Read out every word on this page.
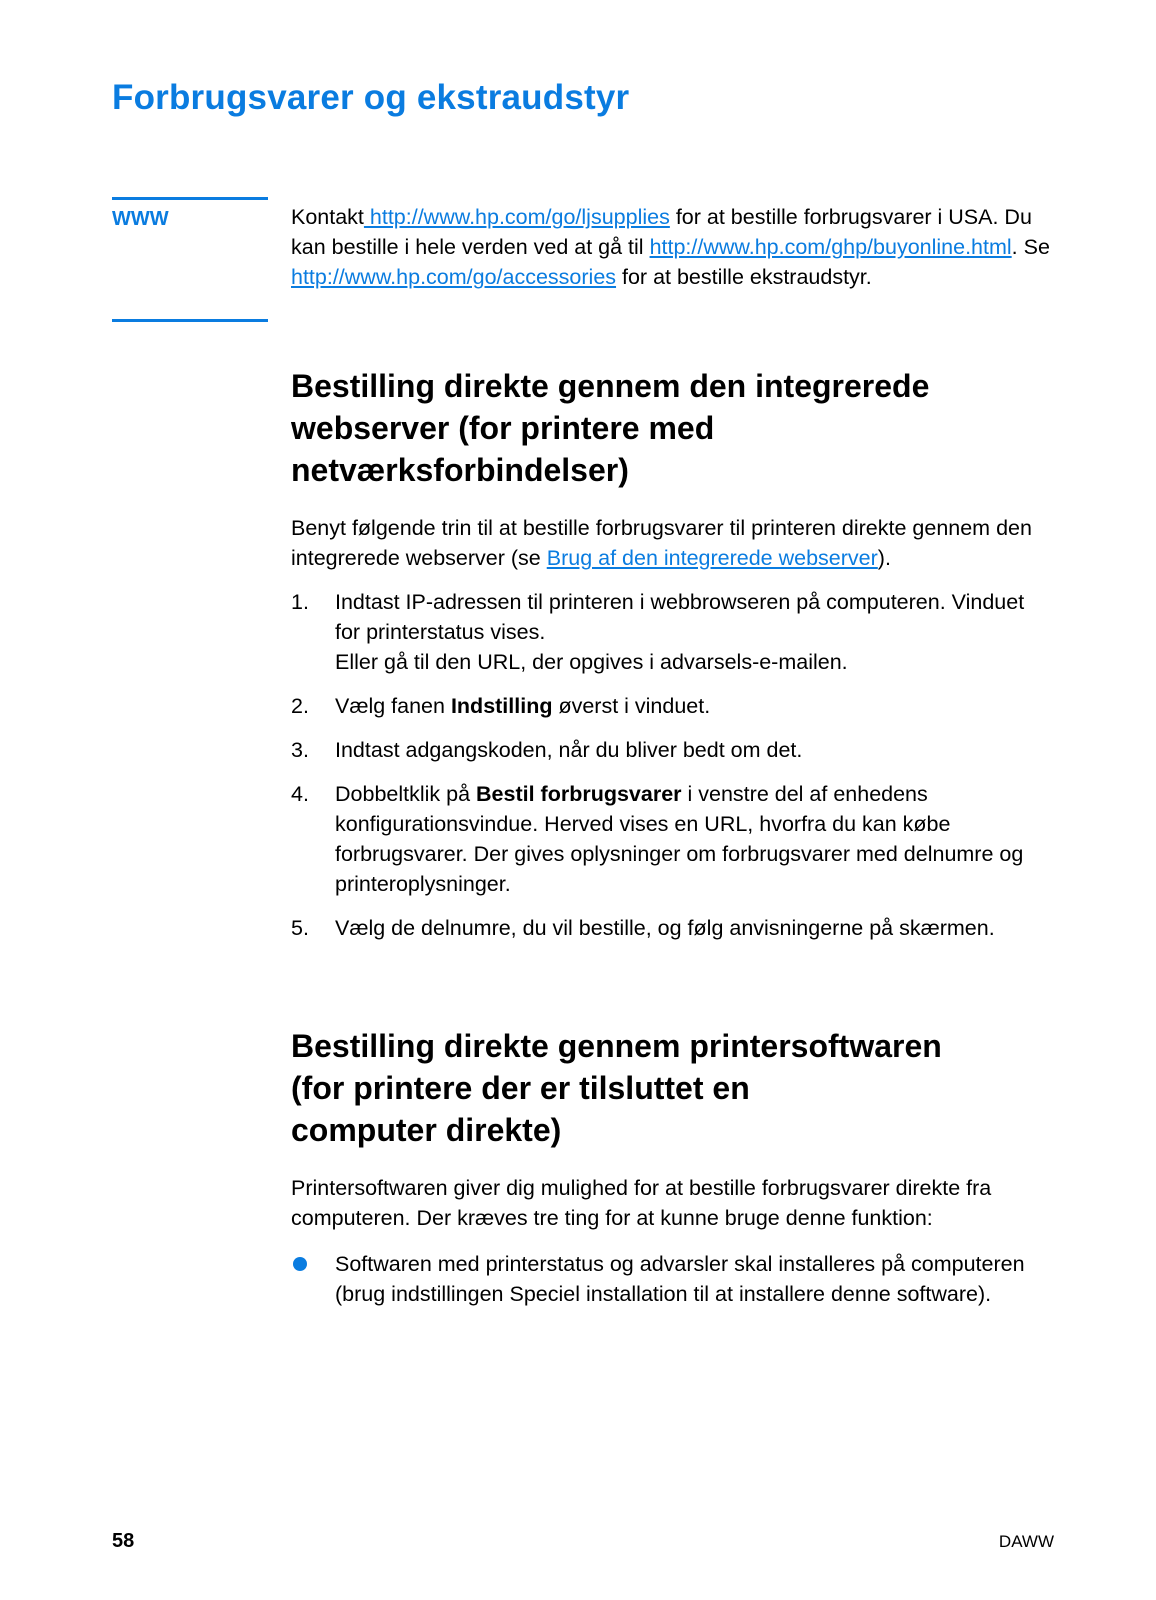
Forbrugsvarer og ekstraudstyr
WWW	Kontakt http://www.hp.com/go/ljsupplies for at bestille forbrugsvarer i USA. Du kan bestille i hele verden ved at gå til http://www.hp.com/ghp/buyonline.html. Se http://www.hp.com/go/accessories for at bestille ekstraudstyr.

Bestilling direkte gennem den integrerede webserver (for printere med netværksforbindelser)

Benyt følgende trin til at bestille forbrugsvarer til printeren direkte gennem den integrerede webserver (se Brug af den integrerede webserver).

1. Indtast IP-adressen til printeren i webbrowseren på computeren. Vinduet for printerstatus vises.
Eller gå til den URL, der opgives i advarsels-e-mailen.
2. Vælg fanen Indstilling øverst i vinduet.
3. Indtast adgangskoden, når du bliver bedt om det.
4. Dobbeltklik på Bestil forbrugsvarer i venstre del af enhedens konfigurationsvindue. Herved vises en URL, hvorfra du kan købe forbrugsvarer. Der gives oplysninger om forbrugsvarer med delnumre og printeroplysninger.
5. Vælg de delnumre, du vil bestille, og følg anvisningerne på skærmen.
Bestilling direkte gennem printersoftwaren
(for printere der er tilsluttet en
computer direkte)

Printersoftwaren giver dig mulighed for at bestille forbrugsvarer direkte fra computeren. Der kræves tre ting for at kunne bruge denne funktion:

Softwaren med printerstatus og advarsler skal installeres på computeren (brug indstillingen Speciel installation til at installere denne software).
58	DAWW
